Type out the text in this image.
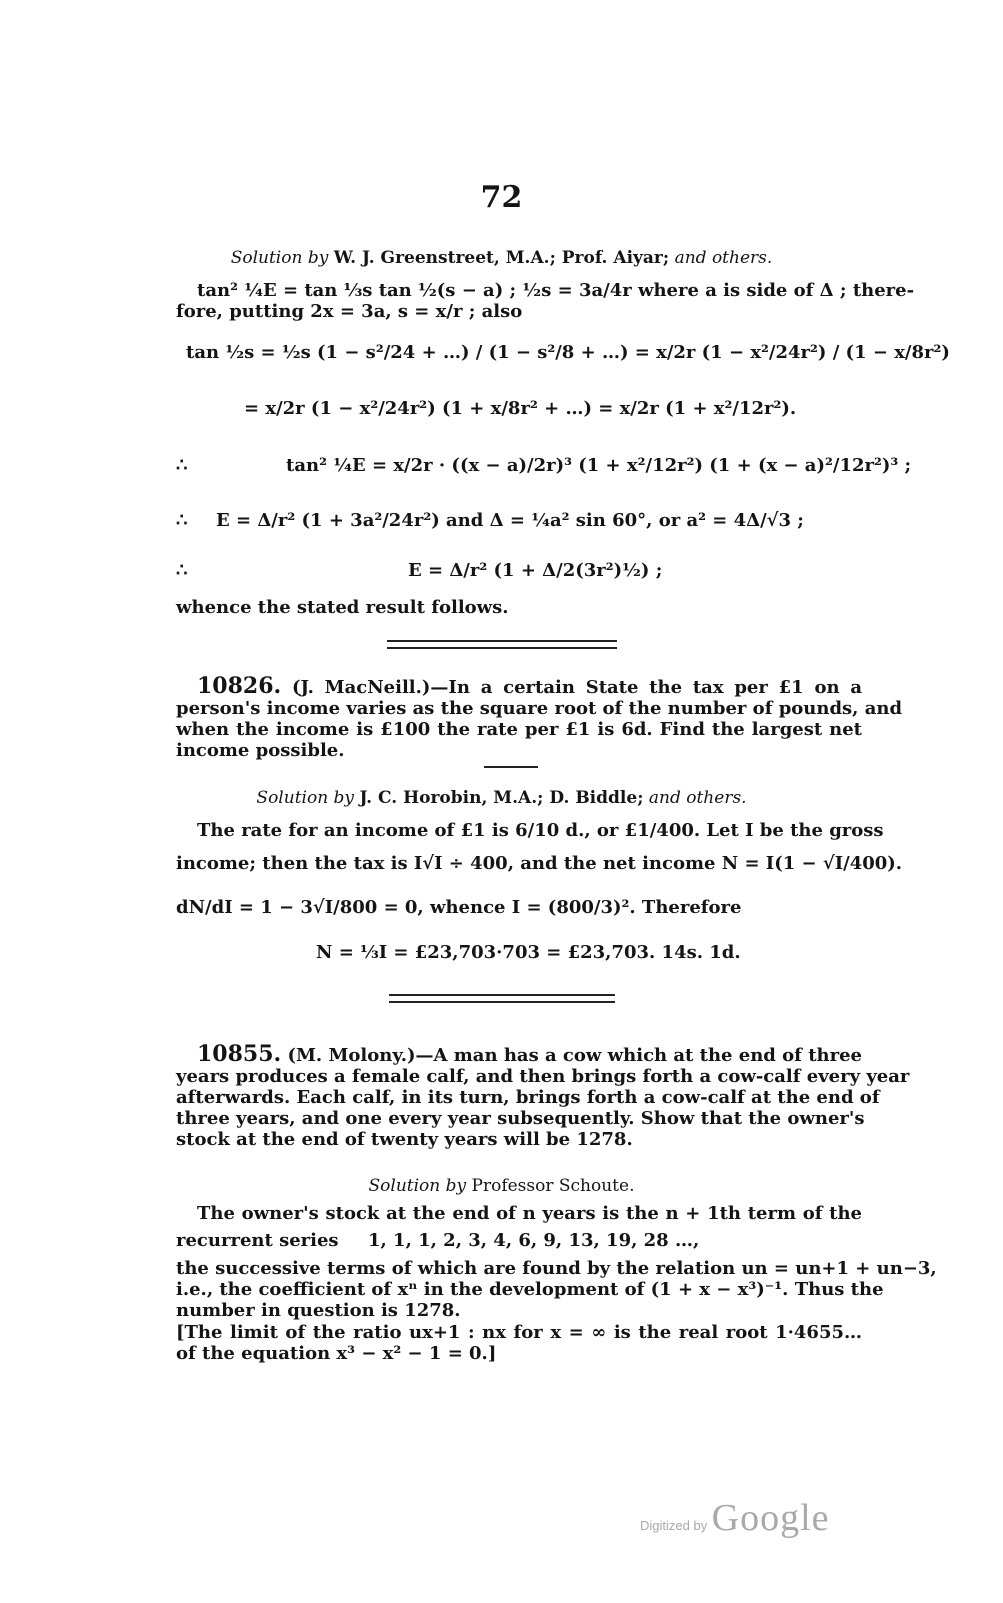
72
Solution by W. J. Greenstreet, M.A.; Prof. Aiyar; and others.
tan² ¼E = tan ⅓s tan ½(s − a) ; ½s = 3a/4r where a is side of Δ ; there-
fore, putting 2x = 3a, s = x/r ; also
tan ½s = ½s (1 − s²/24 + …) / (1 − s²/8 + …) = x/2r (1 − x²/24r²) / (1 − x/8r²)
= x/2r (1 − x²/24r²) (1 + x/8r² + …) = x/2r (1 + x²/12r²).
∴	tan² ¼E = x/2r · ((x − a)/2r)³ (1 + x²/12r²) (1 + (x − a)²/12r²)³ ;
∴ E = Δ/r² (1 + 3a²/24r²) and Δ = ¼a² sin 60°, or a² = 4Δ/√3 ;
∴	E = Δ/r² (1 + Δ/2(3r²)½) ;
whence the stated result follows.
10826. (J. MacNeill.)—In a certain State the tax per £1 on a
person's income varies as the square root of the number of pounds, and
when the income is £100 the rate per £1 is 6d. Find the largest net
income possible.
Solution by J. C. Horobin, M.A.; D. Biddle; and others.
The rate for an income of £1 is 6/10 d., or £1/400. Let I be the gross
income; then the tax is I√I ÷ 400, and the net income N = I(1 − √I/400).
dN/dI = 1 − 3√I/800 = 0, whence I = (800/3)². Therefore
N = ⅓I = £23,703·703 = £23,703. 14s. 1d.
10855. (M. Molony.)—A man has a cow which at the end of three
years produces a female calf, and then brings forth a cow-calf every year
afterwards. Each calf, in its turn, brings forth a cow-calf at the end of
three years, and one every year subsequently. Show that the owner's
stock at the end of twenty years will be 1278.
Solution by Professor Schoute.
The owner's stock at the end of n years is the n + 1th term of the
recurrent series 1, 1, 1, 2, 3, 4, 6, 9, 13, 19, 28 …,
the successive terms of which are found by the relation un = un+1 + un−3,
i.e., the coefficient of xⁿ in the development of (1 + x − x³)⁻¹. Thus the
number in question is 1278.
[The limit of the ratio ux+1 : nx for x = ∞ is the real root 1·4655…
of the equation x³ − x² − 1 = 0.]
Digitized by Google
